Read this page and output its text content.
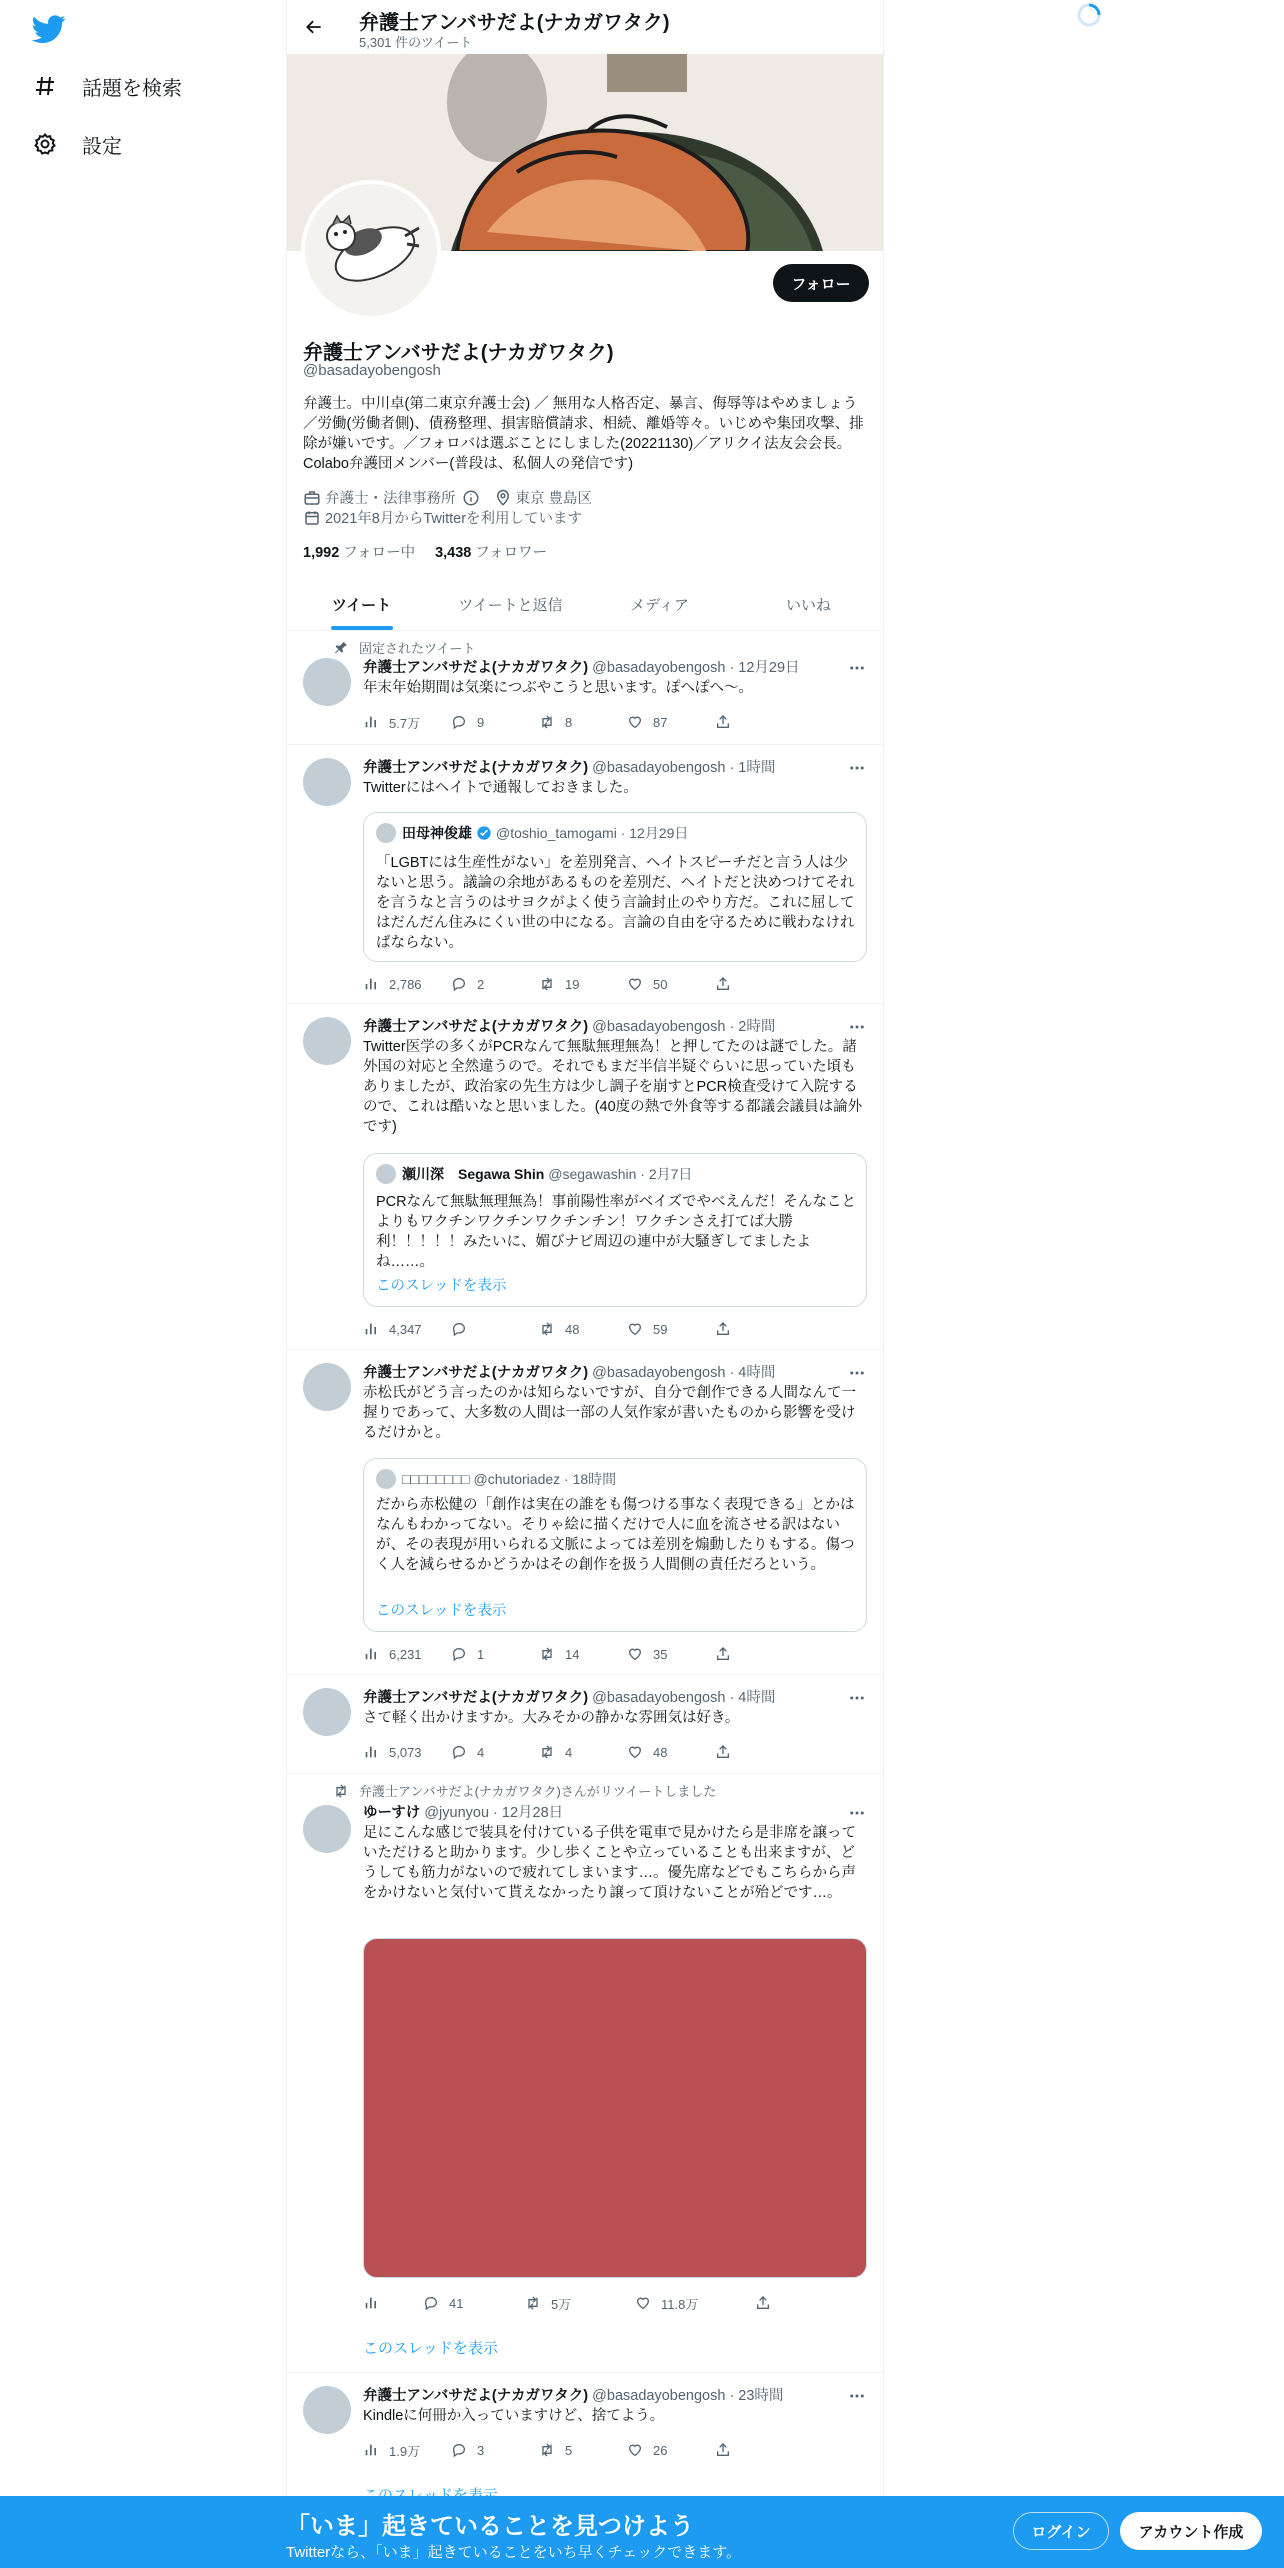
話題を検索
設定
弁護士アンバサだよ(ナカガワタク)
5,301 件のツイート
フォロー
弁護士アンバサだよ(ナカガワタク)
@basadayobengosh
弁護士。中川卓(第二東京弁護士会) ／ 無用な人格否定、暴言、侮辱等はやめましょう／労働(労働者側)、債務整理、損害賠償請求、相続、離婚等々。いじめや集団攻撃、排除が嫌いです。／フォロバは選ぶことにしました(20221130)／アリクイ法友会会長。Colabo弁護団メンバー(普段は、私個人の発信です)
弁護士・法律事務所	東京 豊島区
2021年8月からTwitterを利用しています
1,992 フォロー中 3,438 フォロワー
ツイート	ツイートと返信	メディア	いいね
固定されたツイート
弁護士アンバサだよ(ナカガワタク) @basadayobengosh · 12月29日
年末年始期間は気楽につぶやこうと思います。ぽへぽへ〜。
5.7万	9	8	87
弁護士アンバサだよ(ナカガワタク) @basadayobengosh · 1時間
Twitterにはヘイトで通報しておきました。
田母神俊雄 @toshio_tamogami · 12月29日
「LGBTには生産性がない」を差別発言、ヘイトスピーチだと言う人は少ないと思う。議論の余地があるものを差別だ、ヘイトだと決めつけてそれを言うなと言うのはサヨクがよく使う言論封止のやり方だ。これに屈してはだんだん住みにくい世の中になる。言論の自由を守るために戦わなければならない。
2,786	2	19	50
弁護士アンバサだよ(ナカガワタク) @basadayobengosh · 2時間
Twitter医学の多くがPCRなんて無駄無理無為！と押してたのは謎でした。諸外国の対応と全然違うので。それでもまだ半信半疑ぐらいに思っていた頃もありましたが、政治家の先生方は少し調子を崩すとPCR検査受けて入院するので、これは酷いなと思いました。(40度の熱で外食等する都議会議員は論外です)
瀬川深　Segawa Shin
@segawashin · 2月7日
PCRなんて無駄無理無為！事前陽性率がベイズでやべえんだ！そんなことよりもワクチンワクチンワクチンチン！ワクチンさえ打てば大勝利！！！！！みたいに、媚びナビ周辺の連中が大騒ぎしてましたよね……。
このスレッドを表示
4,347	48	59
弁護士アンバサだよ(ナカガワタク) @basadayobengosh · 4時間
赤松氏がどう言ったのかは知らないですが、自分で創作できる人間なんて一握りであって、大多数の人間は一部の人気作家が書いたものから影響を受けるだけかと。
□□□□□□□□
@chutoriadez · 18時間
だから赤松健の「創作は実在の誰をも傷つける事なく表現できる」とかはなんもわかってない。そりゃ絵に描くだけで人に血を流させる訳はないが、その表現が用いられる文脈によっては差別を煽動したりもする。傷つく人を減らせるかどうかはその創作を扱う人間側の責任だろという。
このスレッドを表示
6,231	1	14	35
弁護士アンバサだよ(ナカガワタク) @basadayobengosh · 4時間
さて軽く出かけますか。大みそかの静かな雰囲気は好き。
5,073	4	4	48
弁護士アンバサだよ(ナカガワタク)さんがリツイートしました
ゆーすけ @jyunyou · 12月28日
足にこんな感じで装具を付けている子供を電車で見かけたら是非席を譲っていただけると助かります。少し歩くことや立っていることも出来ますが、どうしても筋力がないので疲れてしまいます…。優先席などでもこちらから声をかけないと気付いて貰えなかったり譲って頂けないことが殆どです…。
41	5万	11.8万
このスレッドを表示
弁護士アンバサだよ(ナカガワタク) @basadayobengosh · 23時間
Kindleに何冊か入っていますけど、捨てよう。
1.9万	3	5	26
「いま」起きていることを見つけよう
Twitterなら、「いま」起きていることをいち早くチェックできます。
ログイン	アカウント作成
